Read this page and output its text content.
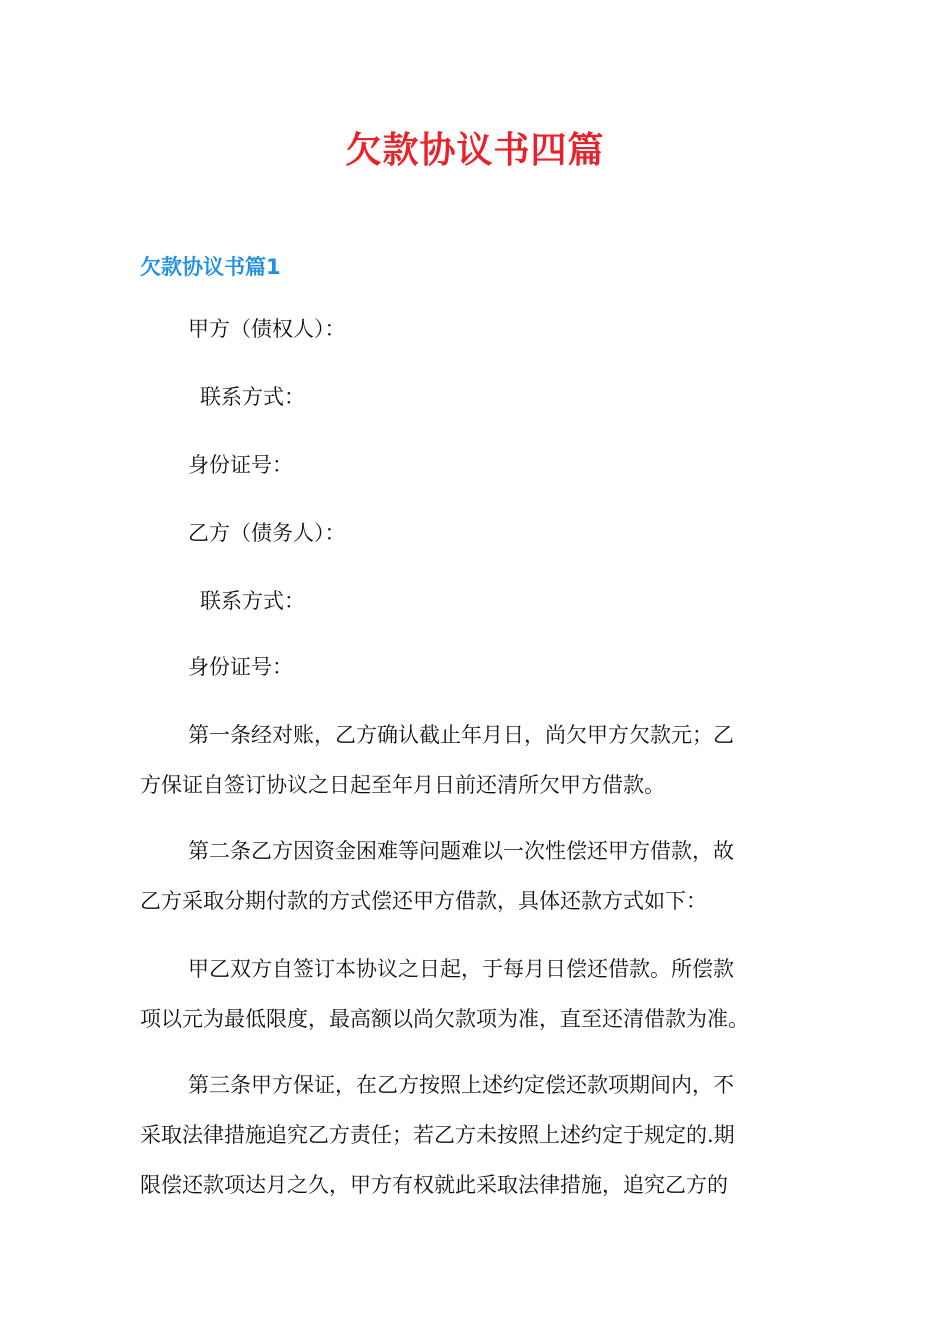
欠款协议书四篇
欠款协议书篇1

甲方（债权人）：

联系方式：

身份证号：

乙方（债务人）：

联系方式：

身份证号：

第一条经对账，乙方确认截止年月日，尚欠甲方欠款元；乙
方保证自签订协议之日起至年月日前还清所欠甲方借款。
第二条乙方因资金困难等问题难以一次性偿还甲方借款，故
乙方采取分期付款的方式偿还甲方借款，具体还款方式如下：
甲乙双方自签订本协议之日起，于每月日偿还借款。所偿款
项以元为最低限度，最高额以尚欠款项为准，直至还清借款为准。
第三条甲方保证，在乙方按照上述约定偿还款项期间内，不
采取法律措施追究乙方责任；若乙方未按照上述约定于规定的.期
限偿还款项达月之久，甲方有权就此采取法律措施，追究乙方的
